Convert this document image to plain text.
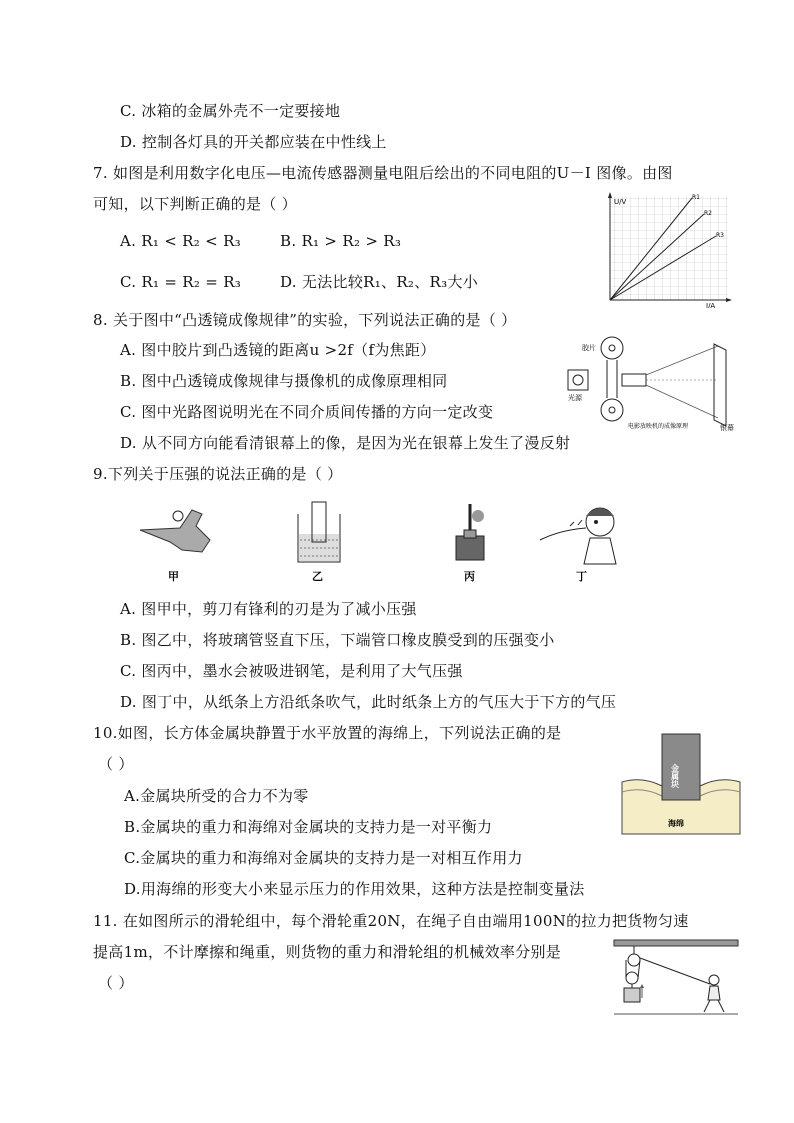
C. 冰箱的金属外壳不一定要接地
D. 控制各灯具的开关都应装在中性线上
7. 如图是利用数字化电压—电流传感器测量电阻后绘出的不同电阻的U－I 图像。由图
可知，以下判断正确的是（ ）
A. R₁ < R₂ < R₃	B. R₁ > R₂ > R₃
C. R₁ = R₂ = R₃	D. 无法比较R₁、R₂、R₃大小
U/V
I/A
R1
R2
R3
8. 关于图中“凸透镜成像规律”的实验，下列说法正确的是（ ）
A. 图中胶片到凸透镜的距离u >2f（f为焦距）
B. 图中凸透镜成像规律与摄像机的成像原理相同
C. 图中光路图说明光在不同介质间传播的方向一定改变
D. 从不同方向能看清银幕上的像，是因为光在银幕上发生了漫反射
胶片
光源
电影放映机的成像原理	银幕
9.下列关于压强的说法正确的是（ ）
甲	乙	丙	丁
A. 图甲中，剪刀有锋利的刃是为了减小压强
B. 图乙中，将玻璃管竖直下压，下端管口橡皮膜受到的压强变小
C. 图丙中，墨水会被吸进钢笔，是利用了大气压强
D. 图丁中，从纸条上方沿纸条吹气，此时纸条上方的气压大于下方的气压
10.如图，长方体金属块静置于水平放置的海绵上，下列说法正确的是
（ ）
A.金属块所受的合力不为零
B.金属块的重力和海绵对金属块的支持力是一对平衡力
C.金属块的重力和海绵对金属块的支持力是一对相互作用力
D.用海绵的形变大小来显示压力的作用效果，这种方法是控制变量法
金属块
海绵
11. 在如图所示的滑轮组中，每个滑轮重20N，在绳子自由端用100N的拉力把货物匀速
提高1m，不计摩擦和绳重，则货物的重力和滑轮组的机械效率分别是
（ ）
